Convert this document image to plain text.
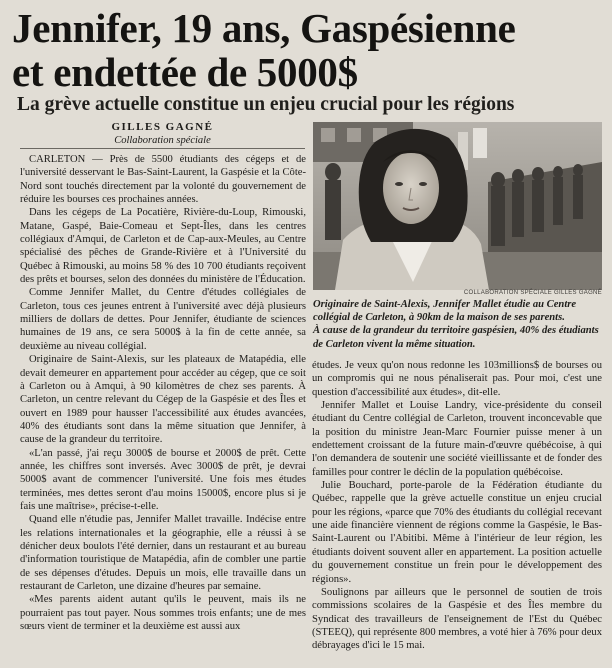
Jennifer, 19 ans, Gaspésienne
et endettée de 5000$
La grève actuelle constitue un enjeu crucial pour les régions
GILLES GAGNÉ
Collaboration spéciale

CARLETON — Près de 5500 étudiants des cégeps et de l'université desservant le Bas-Saint-Laurent, la Gaspésie et la Côte-Nord sont touchés directement par la volonté du gouvernement de réduire les bourses ces prochaines années.

Dans les cégeps de La Pocatière, Rivière-du-Loup, Rimouski, Matane, Gaspé, Baie-Comeau et Sept-Îles, dans les centres collégiaux d'Amqui, de Carleton et de Cap-aux-Meules, au Centre spécialisé des pêches de Grande-Rivière et à l'Université du Québec à Rimouski, au moins 58 % des 10 700 étudiants reçoivent des prêts et bourses, selon des données du ministère de l'Éducation.

Comme Jennifer Mallet, du Centre d'études collégiales de Carleton, tous ces jeunes entrent à l'université avec déjà plusieurs milliers de dollars de dettes. Pour Jennifer, étudiante de sciences humaines de 19 ans, ce sera 5000$ à la fin de cette année, sa deuxième au niveau collégial.

Originaire de Saint-Alexis, sur les plateaux de Matapédia, elle devait demeurer en appartement pour accéder au cégep, que ce soit à Carleton ou à Amqui, à 90 kilomètres de chez ses parents. À Carleton, un centre relevant du Cégep de la Gaspésie et des Îles et ouvert en 1989 pour hausser l'accessibilité aux études avancées, 40% des étudiants sont dans la même situation que Jennifer, à cause de la grandeur du territoire.

«L'an passé, j'ai reçu 3000$ de bourse et 2000$ de prêt. Cette année, les chiffres sont inversés. Avec 3000$ de prêt, je devrai 5000$ avant de commencer l'université. Une fois mes études terminées, mes dettes seront d'au moins 15000$, encore plus si je fais une maîtrise», précise-t-elle.

Quand elle n'étudie pas, Jennifer Mallet travaille. Indécise entre les relations internationales et la géographie, elle a réussi à se dénicher deux boulots l'été dernier, dans un restaurant et au bureau d'information touristique de Matapédia, afin de combler une partie de ses dépenses d'études. Depuis un mois, elle travaille dans un restaurant de Carleton, une dizaine d'heures par semaine.

«Mes parents aident autant qu'ils le peuvent, mais ils ne pourraient pas tout payer. Nous sommes trois enfants; une de mes sœurs vient de terminer et la deuxième est aussi aux

COLLABORATION SPÉCIALE GILLES GAGNÉ

Originaire de Saint-Alexis, Jennifer Mallet étudie au Centre collégial de Carleton, à 90km de la maison de ses parents.

À cause de la grandeur du territoire gaspésien, 40% des étudiants de Carleton vivent la même situation.

études. Je veux qu'on nous redonne les 103millions$ de bourses ou un compromis qui ne nous pénaliserait pas. Pour moi, c'est une question d'accessibilité aux études», dit-elle.

Jennifer Mallet et Louise Landry, vice-présidente du conseil étudiant du Centre collégial de Carleton, trouvent inconcevable que la position du ministre Jean-Marc Fournier puisse mener à un endettement croissant de la future main-d'œuvre québécoise, à qui l'on demandera de soutenir une société vieillissante et de fonder des familles pour contrer le déclin de la population québécoise.

Julie Bouchard, porte-parole de la Fédération étudiante du Québec, rappelle que la grève actuelle constitue un enjeu crucial pour les régions, «parce que 70% des étudiants du collégial recevant une aide financière viennent de régions comme la Gaspésie, le Bas-Saint-Laurent ou l'Abitibi. Même à l'intérieur de leur région, les étudiants doivent souvent aller en appartement. La position actuelle du gouvernement constitue un frein pour le développement des régions».

Soulignons par ailleurs que le personnel de soutien de trois commissions scolaires de la Gaspésie et des Îles membre du Syndicat des travailleurs de l'enseignement de l'Est du Québec (STEEQ), qui représente 800 membres, a voté hier à 76% pour deux débrayages d'ici le 15 mai.
